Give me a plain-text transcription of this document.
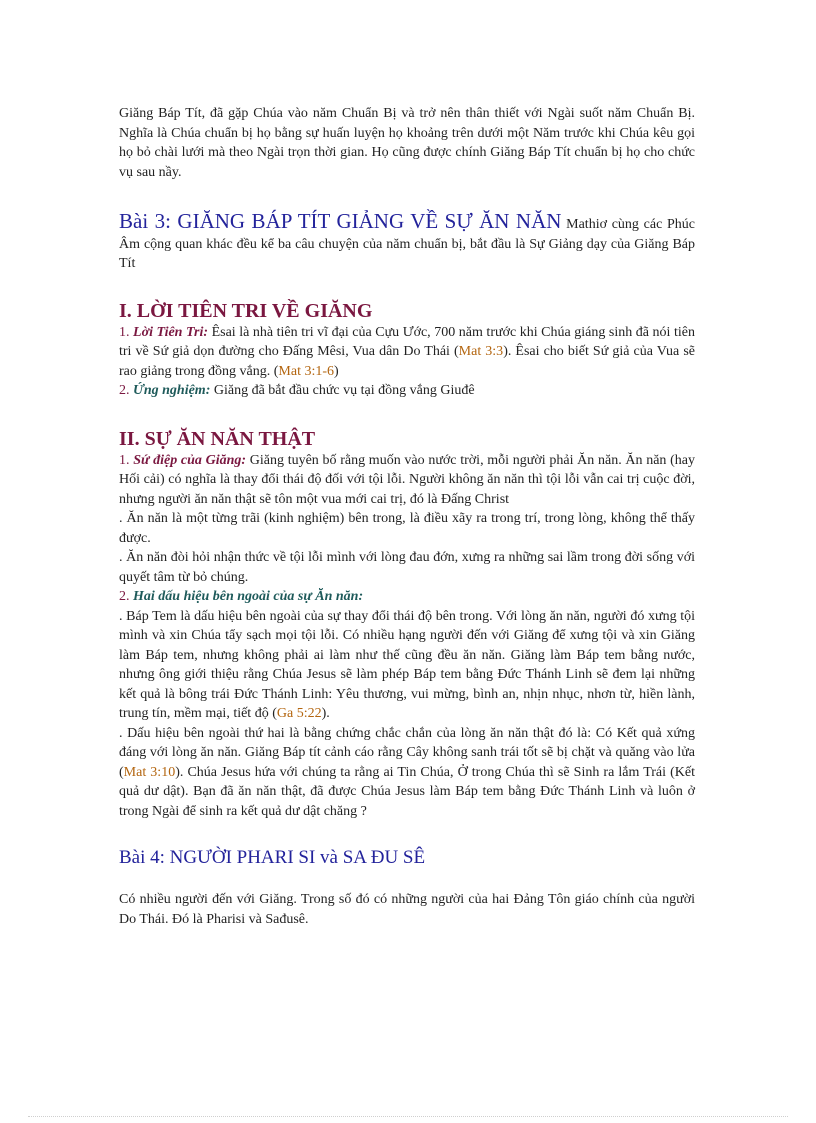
Giăng Báp Tít, đã gặp Chúa vào năm Chuẩn Bị và trở nên thân thiết với Ngài suốt năm Chuẩn Bị. Nghĩa là Chúa chuẩn bị họ bằng sự huấn luyện họ khoảng trên dưới một Năm trước khi Chúa kêu gọi họ bỏ chài lưới mà theo Ngài trọn thời gian. Họ cũng được chính Giăng Báp Tít chuẩn bị họ cho chức vụ sau nầy.

Bài 3: GIĂNG BÁP TÍT GIẢNG VỀ SỰ ĂN NĂN Mathiơ cùng các Phúc Âm cộng quan khác đều kể ba câu chuyện của năm chuẩn bị, bắt đầu là Sự Giảng dạy của Giăng Báp Tít

I. LỜI TIÊN TRI VỀ GIĂNG

1. Lời Tiên Tri: Êsai là nhà tiên tri vĩ đại của Cựu Ước, 700 năm trước khi Chúa giáng sinh đã nói tiên tri về Sứ giả dọn đường cho Đấng Mêsi, Vua dân Do Thái (Mat 3:3). Êsai cho biết Sứ giả của Vua sẽ rao giảng trong đồng vắng. (Mat 3:1-6)

2. Ứng nghiệm: Giăng đã bắt đầu chức vụ tại đồng vắng Giuđê

II. SỰ ĂN NĂN THẬT

1. Sứ điệp của Giăng: Giăng tuyên bố rằng muốn vào nước trời, mỗi người phải Ăn năn. Ăn năn (hay Hối cải) có nghĩa là thay đổi thái độ đối với tội lỗi. Người không ăn năn thì tội lỗi vẫn cai trị cuộc đời, nhưng người ăn năn thật sẽ tôn một vua mới cai trị, đó là Đấng Christ

. Ăn năn là một từng trãi (kinh nghiệm) bên trong, là điều xãy ra trong trí, trong lòng, không thể thấy được.

. Ăn năn đòi hỏi nhận thức về tội lỗi mình với lòng đau đớn, xưng ra những sai lầm trong đời sống với quyết tâm từ bỏ chúng.

2. Hai dấu hiệu bên ngoài của sự Ăn năn:

. Báp Tem là dấu hiệu bên ngoài của sự thay đổi thái độ bên trong. Với lòng ăn năn, người đó xưng tội mình và xin Chúa tẩy sạch mọi tội lỗi. Có nhiều hạng người đến với Giăng để xưng tội và xin Giăng làm Báp tem, nhưng không phải ai làm như thế cũng đều ăn năn. Giăng làm Báp tem bằng nước, nhưng ông giới thiệu rằng Chúa Jesus sẽ làm phép Báp tem bằng Đức Thánh Linh sẽ đem lại những kết quả là bông trái Đức Thánh Linh: Yêu thương, vui mừng, bình an, nhịn nhục, nhơn từ, hiền lành, trung tín, mềm mại, tiết độ (Ga 5:22).

. Dấu hiệu bên ngoài thứ hai là bằng chứng chắc chắn của lòng ăn năn thật đó là: Có Kết quả xứng đáng với lòng ăn năn. Giăng Báp tít cảnh cáo rằng Cây không sanh trái tốt sẽ bị chặt và quăng vào lửa (Mat 3:10). Chúa Jesus hứa với chúng ta rằng ai Tin Chúa, Ở trong Chúa thì sẽ Sinh ra lắm Trái (Kết quả dư dật). Bạn đã ăn năn thật, đã được Chúa Jesus làm Báp tem bằng Đức Thánh Linh và luôn ở trong Ngài để sinh ra kết quả dư dật chăng ?

Bài 4: NGƯỜI PHARI SI và SA ĐU SÊ

Có nhiều người đến với Giăng. Trong số đó có những người của hai Đảng Tôn giáo chính của người Do Thái. Đó là Pharisi và Sađusê.
